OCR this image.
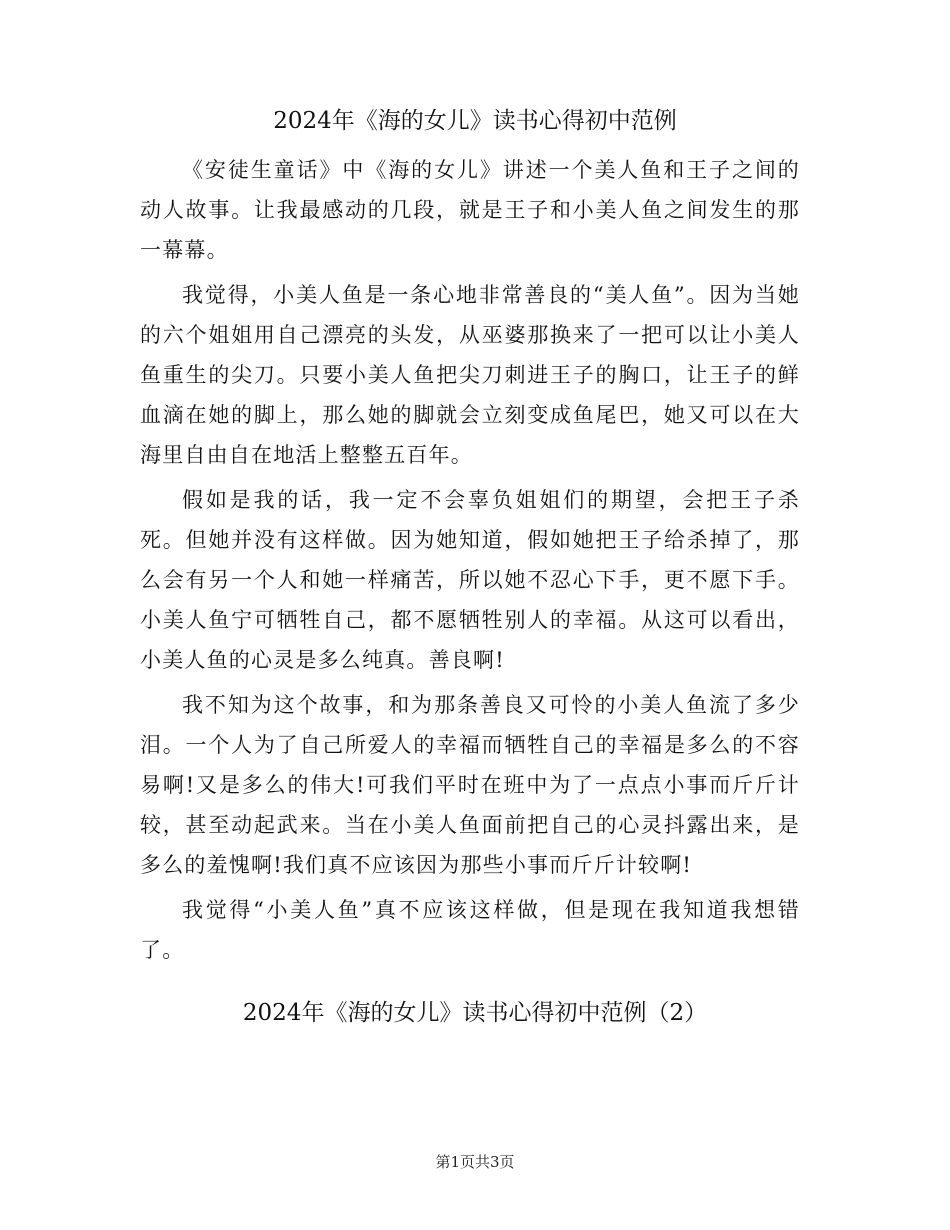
2024年《海的女儿》读书心得初中范例

《安徒生童话》中《海的女儿》讲述一个美人鱼和王子之间的动人故事。让我最感动的几段，就是王子和小美人鱼之间发生的那一幕幕。

我觉得，小美人鱼是一条心地非常善良的“美人鱼”。因为当她的六个姐姐用自己漂亮的头发，从巫婆那换来了一把可以让小美人鱼重生的尖刀。只要小美人鱼把尖刀刺进王子的胸口，让王子的鲜血滴在她的脚上，那么她的脚就会立刻变成鱼尾巴，她又可以在大海里自由自在地活上整整五百年。

假如是我的话，我一定不会辜负姐姐们的期望，会把王子杀死。但她并没有这样做。因为她知道，假如她把王子给杀掉了，那么会有另一个人和她一样痛苦，所以她不忍心下手，更不愿下手。小美人鱼宁可牺牲自己，都不愿牺牲别人的幸福。从这可以看出，小美人鱼的心灵是多么纯真。善良啊!

我不知为这个故事，和为那条善良又可怜的小美人鱼流了多少泪。一个人为了自己所爱人的幸福而牺牲自己的幸福是多么的不容易啊!又是多么的伟大!可我们平时在班中为了一点点小事而斤斤计较，甚至动起武来。当在小美人鱼面前把自己的心灵抖露出来，是多么的羞愧啊!我们真不应该因为那些小事而斤斤计较啊!

我觉得“小美人鱼”真不应该这样做，但是现在我知道我想错了。

2024年《海的女儿》读书心得初中范例（2）
第1页共3页
